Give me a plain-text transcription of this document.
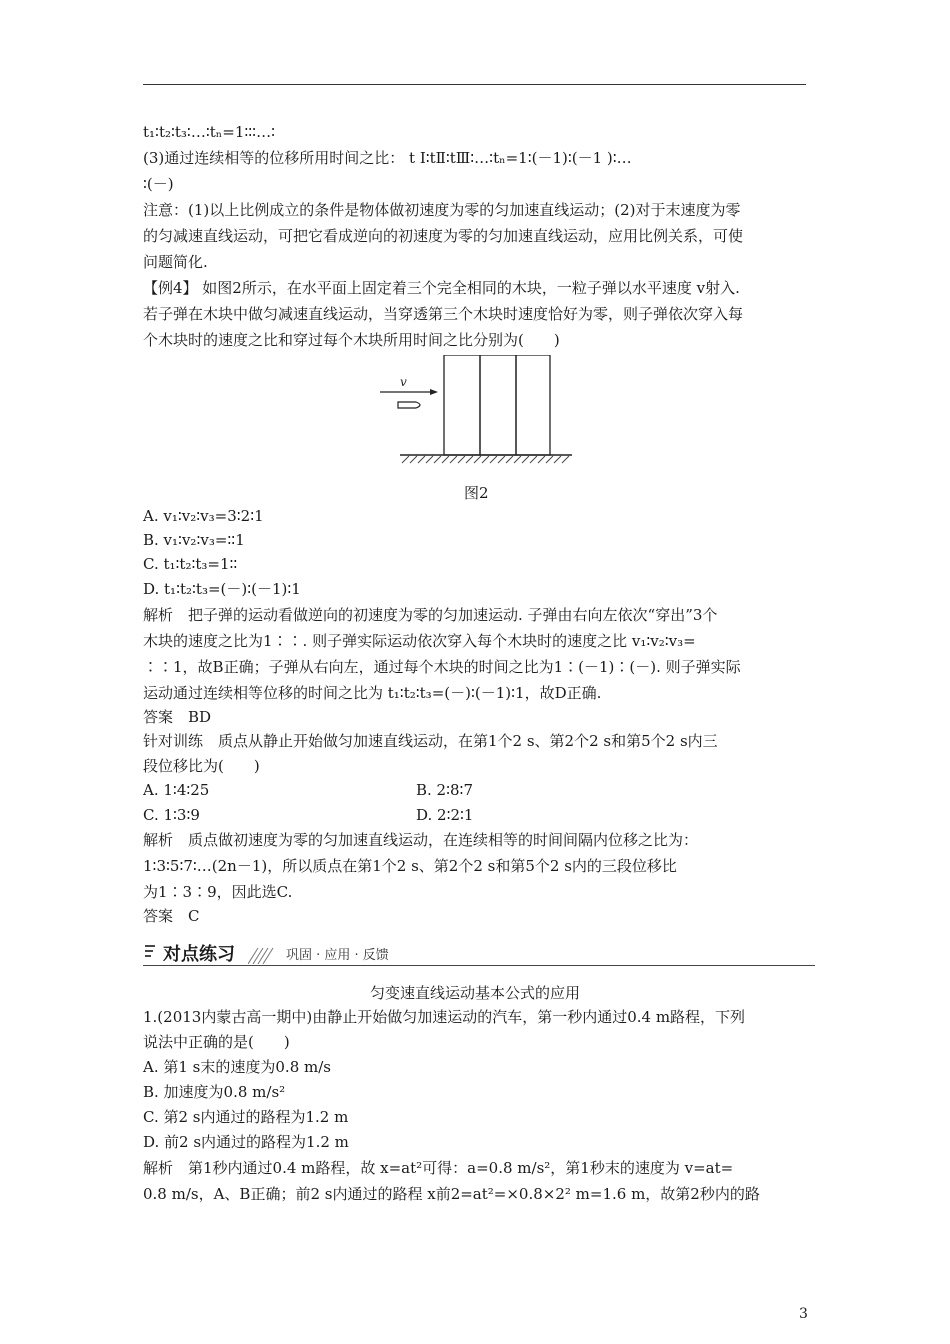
t₁∶t₂∶t₃∶…∶tₙ=1∶∶∶…∶
(3)通过连续相等的位移所用时间之比： t Ⅰ∶tⅡ∶tⅢ∶…∶tₙ=1∶(－1)∶(－1 )∶…
∶(－)
注意：(1)以上比例成立的条件是物体做初速度为零的匀加速直线运动；(2)对于末速度为零
的匀减速直线运动，可把它看成逆向的初速度为零的匀加速直线运动，应用比例关系，可使
问题简化.
【例4】 如图2所示，在水平面上固定着三个完全相同的木块，一粒子弹以水平速度 v射入.
若子弹在木块中做匀减速直线运动，当穿透第三个木块时速度恰好为零，则子弹依次穿入每
个木块时的速度之比和穿过每个木块所用时间之比分别为(　　)
v
图2
A. v₁∶v₂∶v₃=3∶2∶1
B. v₁∶v₂∶v₃=∶∶1
C. t₁∶t₂∶t₃=1∶∶
D. t₁∶t₂∶t₃=(－)∶(－1)∶1
解析　把子弹的运动看做逆向的初速度为零的匀加速运动. 子弹由右向左依次“穿出”3个
木块的速度之比为1∶∶. 则子弹实际运动依次穿入每个木块时的速度之比 v₁∶v₂∶v₃=
∶∶1，故B正确；子弹从右向左，通过每个木块的时间之比为1∶(－1)∶(－). 则子弹实际
运动通过连续相等位移的时间之比为 t₁∶t₂∶t₃=(－)∶(－1)∶1，故D正确.
答案　BD
针对训练　质点从静止开始做匀加速直线运动，在第1个2 s、第2个2 s和第5个2 s内三
段位移比为(　　)
A. 1∶4∶25	B. 2∶8∶7
C. 1∶3∶9	D. 2∶2∶1
解析　质点做初速度为零的匀加速直线运动，在连续相等的时间间隔内位移之比为：
1∶3∶5∶7∶…(2n－1)，所以质点在第1个2 s、第2个2 s和第5个2 s内的三段位移比
为1∶3∶9，因此选C.
答案　C
对点练习	巩固 · 应用 · 反馈
匀变速直线运动基本公式的应用
1.(2013内蒙古高一期中)由静止开始做匀加速运动的汽车，第一秒内通过0.4 m路程，下列
说法中正确的是(　　)
A. 第1 s末的速度为0.8 m/s
B. 加速度为0.8 m/s²
C. 第2 s内通过的路程为1.2 m
D. 前2 s内通过的路程为1.2 m
解析　第1秒内通过0.4 m路程，故 x=at²可得：a=0.8 m/s²，第1秒末的速度为 v=at=
0.8 m/s，A、B正确；前2 s内通过的路程 x前2=at²=×0.8×2² m=1.6 m，故第2秒内的路
3
